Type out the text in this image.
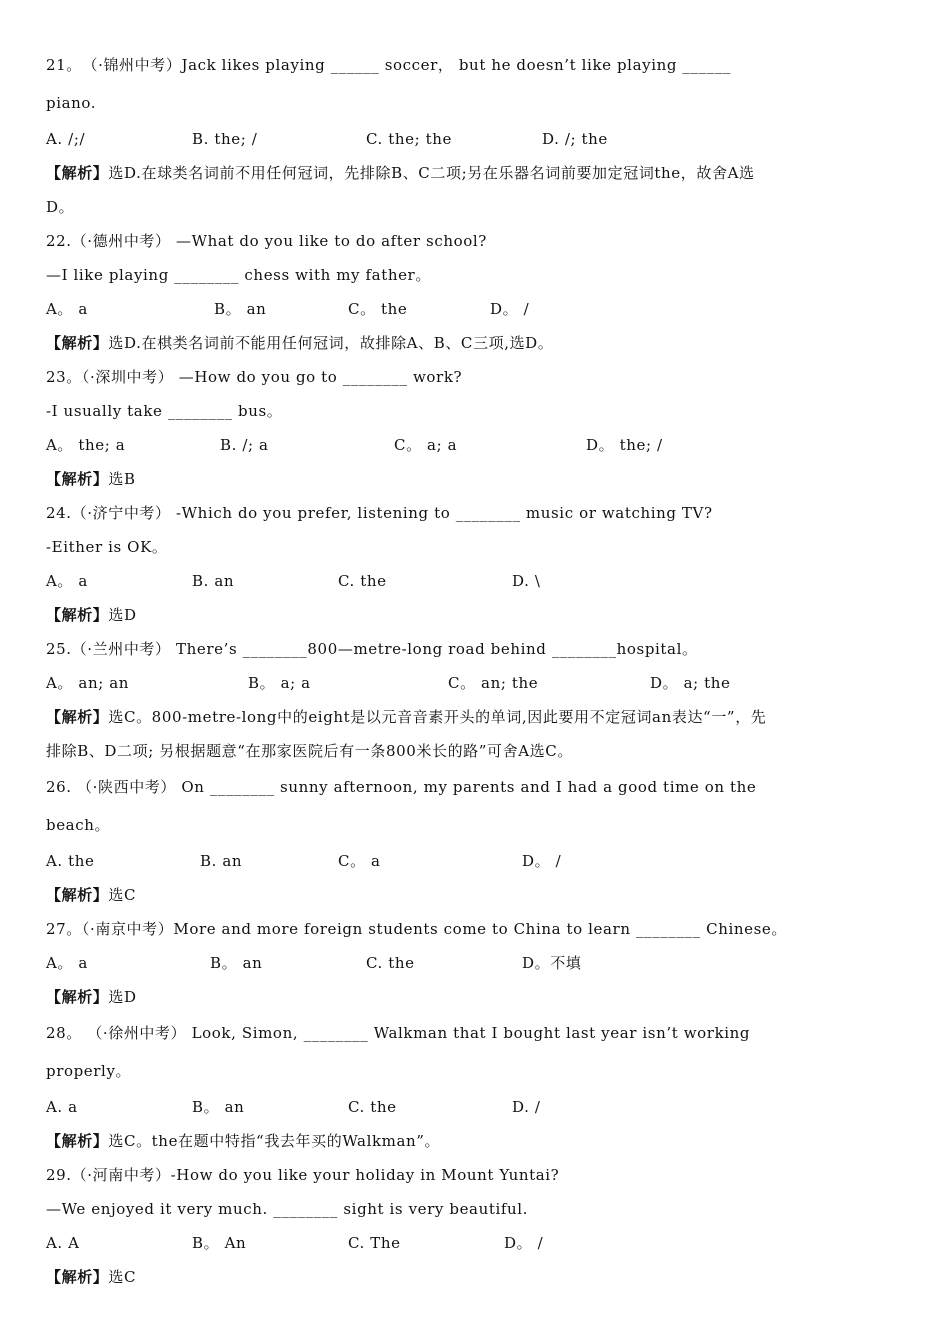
21。　（·锦州中考）Jack likes playing ______ soccer， but he doesn’t like playing ______
piano.
A. /;/	B. the; /	C. the; the	D. /; the
【解析】选D.在球类名词前不用任何冠词，先排除B、C二项;另在乐器名词前要加定冠词the，故舍A选
D。
22.（·德州中考） —What do you like to do after school?
—I like playing ________ chess with my father。
A。 a	B。 an	C。 the	D。 /
【解析】选D.在棋类名词前不能用任何冠词，故排除A、B、C三项,选D。
23。（·深圳中考） —How do you go to ________ work?
-I usually take ________ bus。
A。 the; a	B. /; a	C。 a; a	D。 the; /
【解析】选B
24.（·济宁中考） -Which do you prefer, listening to ________ music or watching TV?
-Either is OK。
A。 a	B. an	C. the	D. \
【解析】选D
25.（·兰州中考） There’s ________800—metre-long road behind ________hospital。
A。 an; an	B。 a; a	C。 an; the	D。 a; the
【解析】选C。800-metre-long中的eight是以元音音素开头的单词,因此要用不定冠词an表达“一”，先
排除B、D二项; 另根据题意“在那家医院后有一条800米长的路”可舍A选C。
26. （·陕西中考） On ________ sunny afternoon, my parents and I had a good time on the
beach。
A. the	B. an	C。 a	D。 /
【解析】选C
27。（·南京中考）More and more foreign students come to China to learn ________ Chinese。
A。 a	B。 an	C. the	D。不填
【解析】选D
28。 （·徐州中考） Look, Simon, ________ Walkman that I bought last year isn’t working
properly。
A. a	B。 an	C. the	D. /
【解析】选C。the在题中特指“我去年买的Walkman”。
29.（·河南中考）-How do you like your holiday in Mount Yuntai?
—We enjoyed it very much. ________ sight is very beautiful.
A. A	B。 An	C. The	D。 /
【解析】选C
